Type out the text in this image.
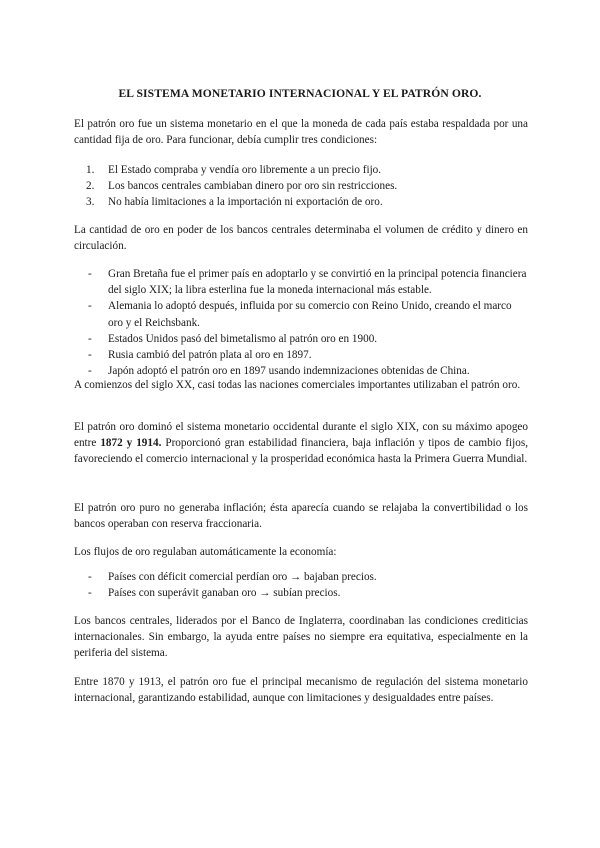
EL SISTEMA MONETARIO INTERNACIONAL Y EL PATRÓN ORO.

El patrón oro fue un sistema monetario en el que la moneda de cada país estaba respaldada por una cantidad fija de oro. Para funcionar, debía cumplir tres condiciones:

1. El Estado compraba y vendía oro libremente a un precio fijo.
2. Los bancos centrales cambiaban dinero por oro sin restricciones.
3. No había limitaciones a la importación ni exportación de oro.

La cantidad de oro en poder de los bancos centrales determinaba el volumen de crédito y dinero en circulación.

- Gran Bretaña fue el primer país en adoptarlo y se convirtió en la principal potencia financiera del siglo XIX; la libra esterlina fue la moneda internacional más estable.
- Alemania lo adoptó después, influida por su comercio con Reino Unido, creando el marco oro y el Reichsbank.
- Estados Unidos pasó del bimetalismo al patrón oro en 1900.
- Rusia cambió del patrón plata al oro en 1897.
- Japón adoptó el patrón oro en 1897 usando indemnizaciones obtenidas de China.

A comienzos del siglo XX, casi todas las naciones comerciales importantes utilizaban el patrón oro.

El patrón oro dominó el sistema monetario occidental durante el siglo XIX, con su máximo apogeo entre 1872 y 1914. Proporcionó gran estabilidad financiera, baja inflación y tipos de cambio fijos, favoreciendo el comercio internacional y la prosperidad económica hasta la Primera Guerra Mundial.

El patrón oro puro no generaba inflación; ésta aparecía cuando se relajaba la convertibilidad o los bancos operaban con reserva fraccionaria.

Los flujos de oro regulaban automáticamente la economía:

- Países con déficit comercial perdían oro → bajaban precios.
- Países con superávit ganaban oro → subían precios.

Los bancos centrales, liderados por el Banco de Inglaterra, coordinaban las condiciones crediticias internacionales. Sin embargo, la ayuda entre países no siempre era equitativa, especialmente en la periferia del sistema.

Entre 1870 y 1913, el patrón oro fue el principal mecanismo de regulación del sistema monetario internacional, garantizando estabilidad, aunque con limitaciones y desigualdades entre países.
